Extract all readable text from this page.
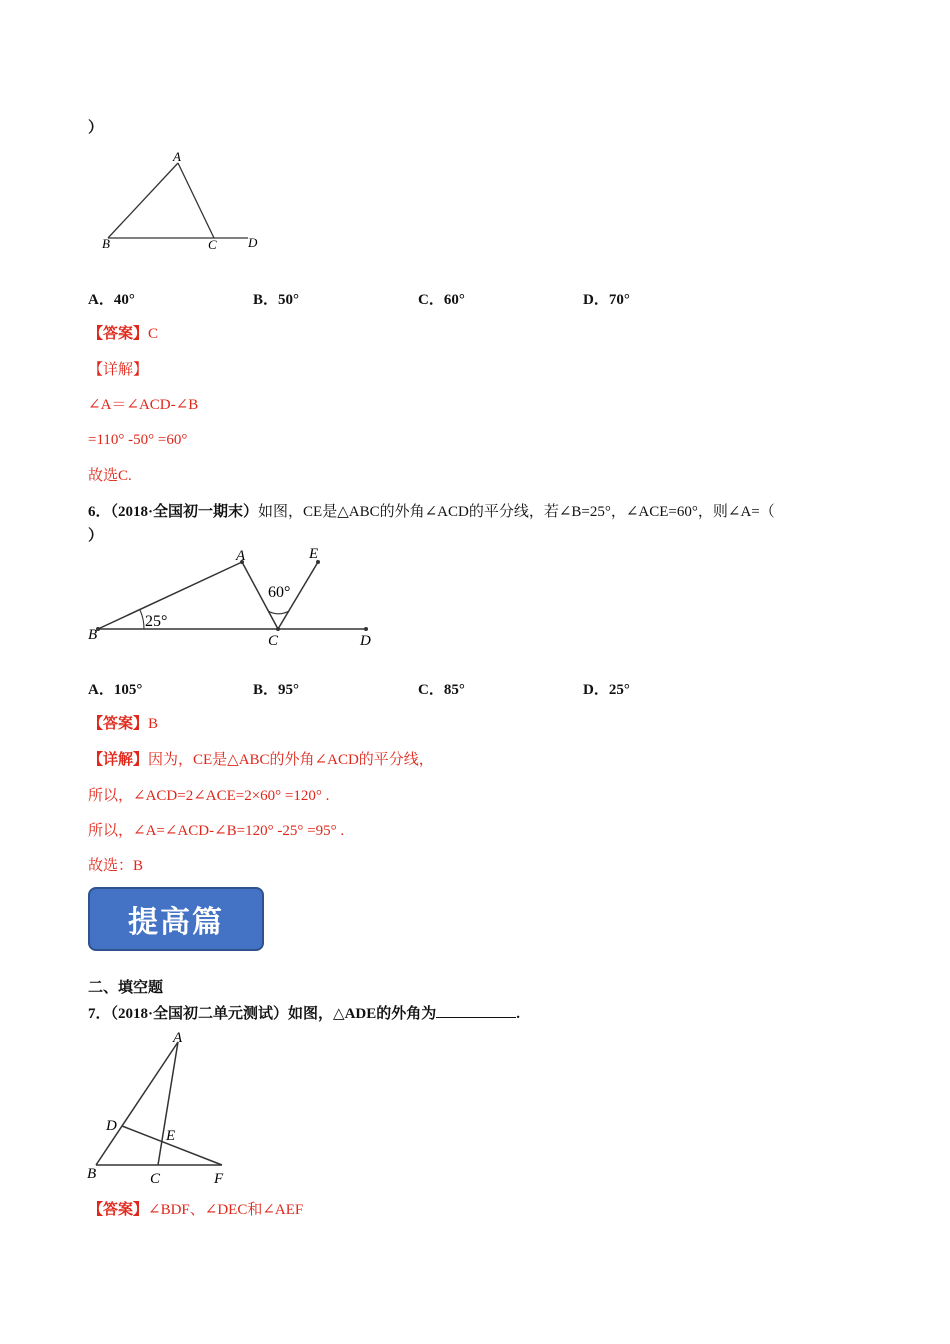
）
A
B	C D
A．40°	B．50°	C．60°	D．70°
【答案】C
【详解】
∠A＝∠ACD-∠B
=110° -50° =60°
故选C.
6．（2018·全国初一期末）如图，CE是△ABC的外角∠ACD的平分线，若∠B=25°，∠ACE=60°，则∠A=（
）
A
B	C	D
E
25°
60°
A．105°	B．95°	C．85°	D．25°
【答案】B
【详解】因为，CE是△ABC的外角∠ACD的平分线，
所以，∠ACD=2∠ACE=2×60° =120° .
所以，∠A=∠ACD-∠B=120° -25° =95° .
故选：B
提高篇
二、填空题
7．（2018·全国初二单元测试）如图，△ADE的外角为	.
A
B	C
D
E
F
【答案】∠BDF、∠DEC和∠AEF
